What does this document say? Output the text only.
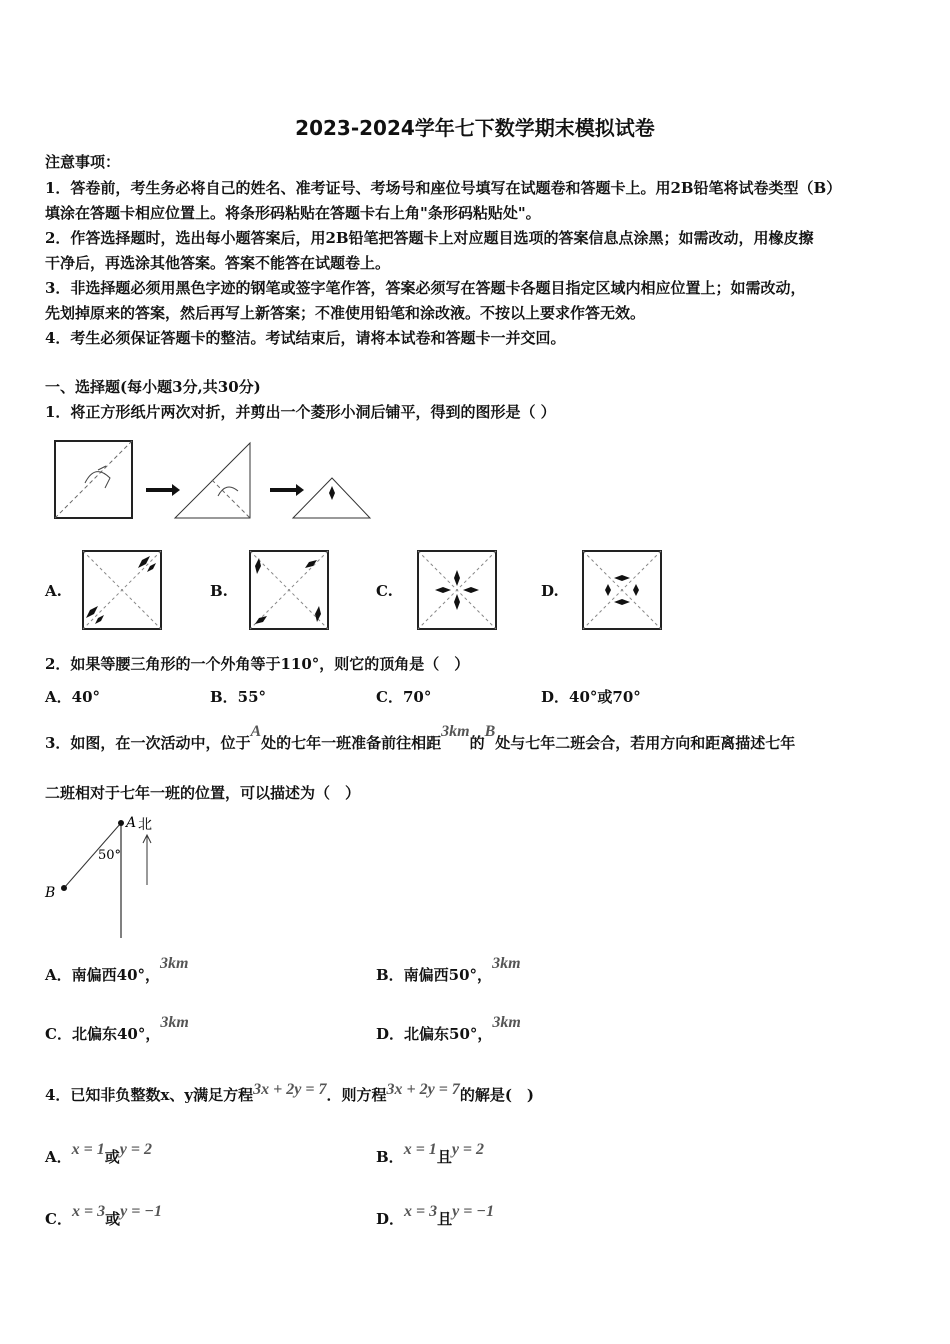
2023-2024学年七下数学期末模拟试卷
注意事项：
1．答卷前，考生务必将自己的姓名、准考证号、考场号和座位号填写在试题卷和答题卡上。用2B铅笔将试卷类型（B）
填涂在答题卡相应位置上。将条形码粘贴在答题卡右上角"条形码粘贴处"。
2．作答选择题时，选出每小题答案后，用2B铅笔把答题卡上对应题目选项的答案信息点涂黑；如需改动，用橡皮擦
干净后，再选涂其他答案。答案不能答在试题卷上。
3．非选择题必须用黑色字迹的钢笔或签字笔作答，答案必须写在答题卡各题目指定区域内相应位置上；如需改动，
先划掉原来的答案，然后再写上新答案；不准使用铅笔和涂改液。不按以上要求作答无效。
4．考生必须保证答题卡的整洁。考试结束后，请将本试卷和答题卡一并交回。
一、选择题(每小题3分,共30分)
1．将正方形纸片两次对折，并剪出一个菱形小洞后铺平，得到的图形是（ ）
A.	B.	C.	D.
2．如果等腰三角形的一个外角等于110°，则它的顶角是（　）
A．40°	B．55°	C．70°	D．40°或70°
3．如图，在一次活动中，位于A处的七年一班准备前往相距3km的B处与七年二班会合，若用方向和距离描述七年
二班相对于七年一班的位置，可以描述为（　）
A 北
50°
B
A．南偏西40°，3km
B．南偏西50°，3km
C．北偏东40°，3km
D．北偏东50°，3km
4．已知非负整数x、y满足方程3x + 2y = 7．则方程3x + 2y = 7的解是(　)
A．x = 1或y = 2	B．x = 1且y = 2
C．x = 3或y = −1	D．x = 3且y = −1
